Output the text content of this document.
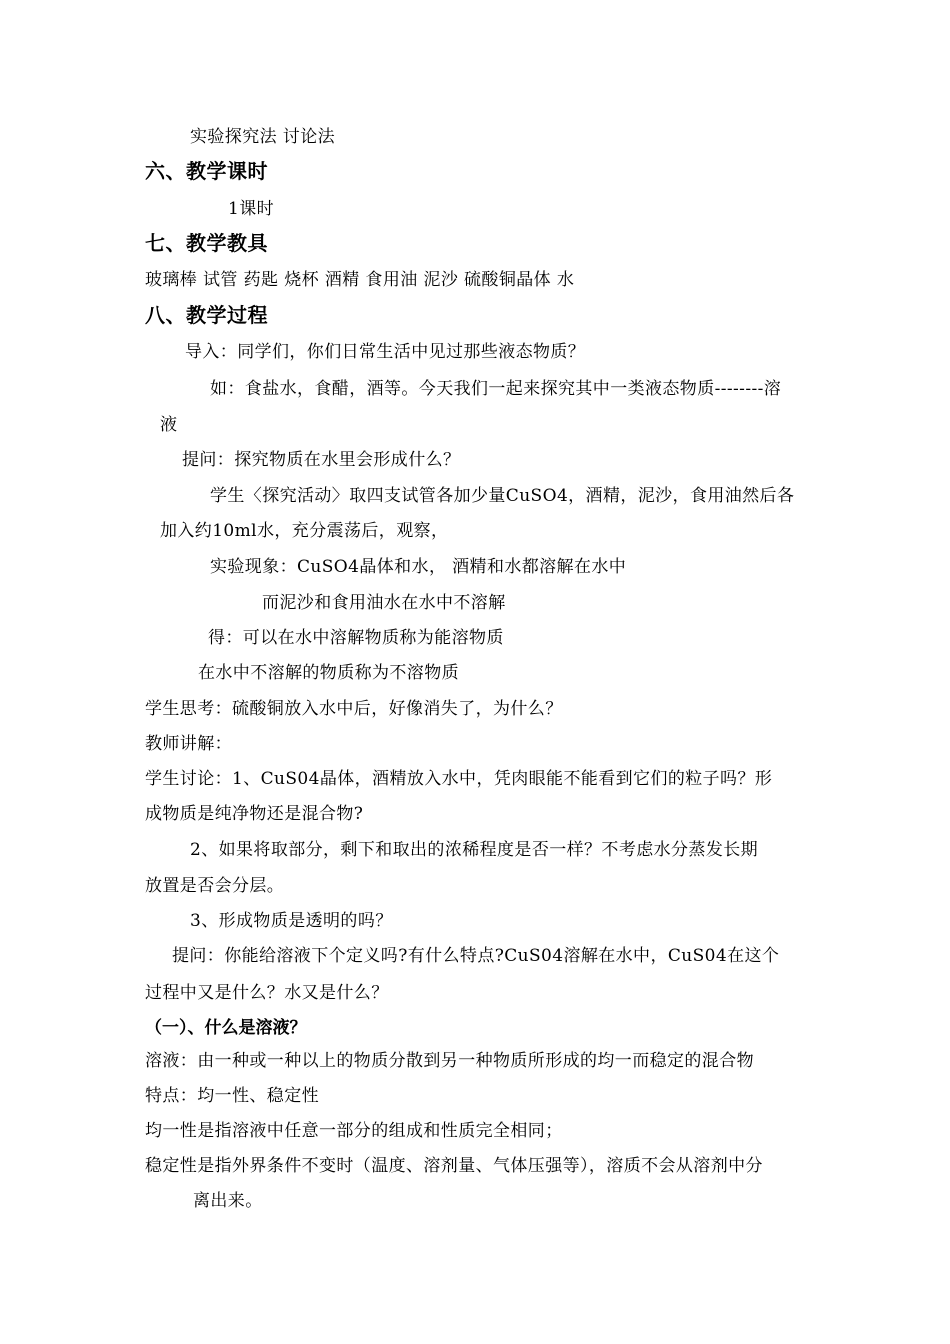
实验探究法 讨论法
六、教学课时
1课时
七、教学教具
玻璃棒 试管 药匙 烧杯 酒精 食用油 泥沙 硫酸铜晶体 水
八、教学过程
导入：同学们，你们日常生活中见过那些液态物质？
如：食盐水，食醋，酒等。今天我们一起来探究其中一类液态物质--------溶
液
提问：探究物质在水里会形成什么？
学生〈探究活动〉取四支试管各加少量CuSO4，酒精，泥沙，食用油然后各
加入约10ml水，充分震荡后，观察，
实验现象：CuSO4晶体和水， 酒精和水都溶解在水中
而泥沙和食用油水在水中不溶解
得：可以在水中溶解物质称为能溶物质
在水中不溶解的物质称为不溶物质
学生思考：硫酸铜放入水中后，好像消失了，为什么？
教师讲解：
学生讨论：1、CuS04晶体，酒精放入水中，凭肉眼能不能看到它们的粒子吗？形
成物质是纯净物还是混合物?
2、如果将取部分，剩下和取出的浓稀程度是否一样？不考虑水分蒸发长期
放置是否会分层。
3、形成物质是透明的吗？
提问：你能给溶液下个定义吗?有什么特点?CuS04溶解在水中，CuS04在这个
过程中又是什么？水又是什么？
（一）、什么是溶液？
溶液：由一种或一种以上的物质分散到另一种物质所形成的均一而稳定的混合物
特点：均一性、稳定性
均一性是指溶液中任意一部分的组成和性质完全相同；
稳定性是指外界条件不变时（温度、溶剂量、气体压强等），溶质不会从溶剂中分
离出来。
